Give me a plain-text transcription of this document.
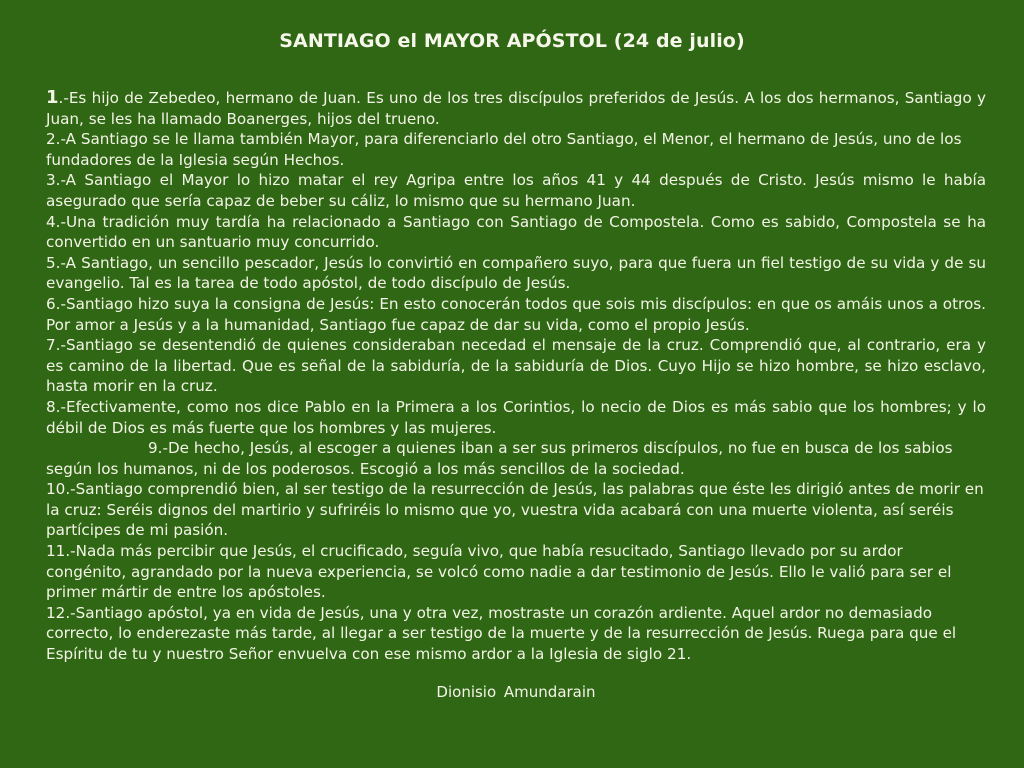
SANTIAGO el MAYOR APÓSTOL (24 de julio)

1.-Es hijo de Zebedeo, hermano de Juan. Es uno de los tres discípulos preferidos de Jesús. A los dos hermanos, Santiago y Juan, se les ha llamado Boanerges, hijos del trueno.

2.-A Santiago se le llama también Mayor, para diferenciarlo del otro Santiago, el Menor, el hermano de Jesús, uno de los fundadores de la Iglesia según Hechos.

3.-A Santiago el Mayor lo hizo matar el rey Agripa entre los años 41 y 44 después de Cristo. Jesús mismo le había asegurado que sería capaz de beber su cáliz, lo mismo que su hermano Juan.

4.-Una tradición muy tardía ha relacionado a Santiago con Santiago de Compostela. Como es sabido, Compostela se ha convertido en un santuario muy concurrido.

5.-A Santiago, un sencillo pescador, Jesús lo convirtió en compañero suyo, para que fuera un fiel testigo de su vida y de su evangelio. Tal es la tarea de todo apóstol, de todo discípulo de Jesús.

6.-Santiago hizo suya la consigna de Jesús: En esto conocerán todos que sois mis discípulos: en que os amáis unos a otros. Por amor a Jesús y a la humanidad, Santiago fue capaz de dar su vida, como el propio Jesús.

7.-Santiago se desentendió de quienes consideraban necedad el mensaje de la cruz. Comprendió que, al contrario, era y es camino de la libertad. Que es señal de la sabiduría, de la sabiduría de Dios. Cuyo Hijo se hizo hombre, se hizo esclavo, hasta morir en la cruz.

8.-Efectivamente, como nos dice Pablo en la Primera a los Corintios, lo necio de Dios es más sabio que los hombres; y lo débil de Dios es más fuerte que los hombres y las mujeres.

9.-De hecho, Jesús, al escoger a quienes iban a ser sus primeros discípulos, no fue en busca de los sabios según los humanos, ni de los poderosos. Escogió a los más sencillos de la sociedad.

10.-Santiago comprendió bien, al ser testigo de la resurrección de Jesús, las palabras que éste les dirigió antes de morir en la cruz: Seréis dignos del martirio y sufriréis lo mismo que yo, vuestra vida acabará con una muerte violenta, así seréis partícipes de mi pasión.

11.-Nada más percibir que Jesús, el crucificado, seguía vivo, que había resucitado, Santiago llevado por su ardor congénito, agrandado por la nueva experiencia, se volcó como nadie a dar testimonio de Jesús. Ello le valió para ser el primer mártir de entre los apóstoles.

12.-Santiago apóstol, ya en vida de Jesús, una y otra vez, mostraste un corazón ardiente. Aquel ardor no demasiado correcto, lo enderezaste más tarde, al llegar a ser testigo de la muerte y de la resurrección de Jesús. Ruega para que el Espíritu de tu y nuestro Señor envuelva con ese mismo ardor a la Iglesia de siglo 21.

Dionisio Amundarain
